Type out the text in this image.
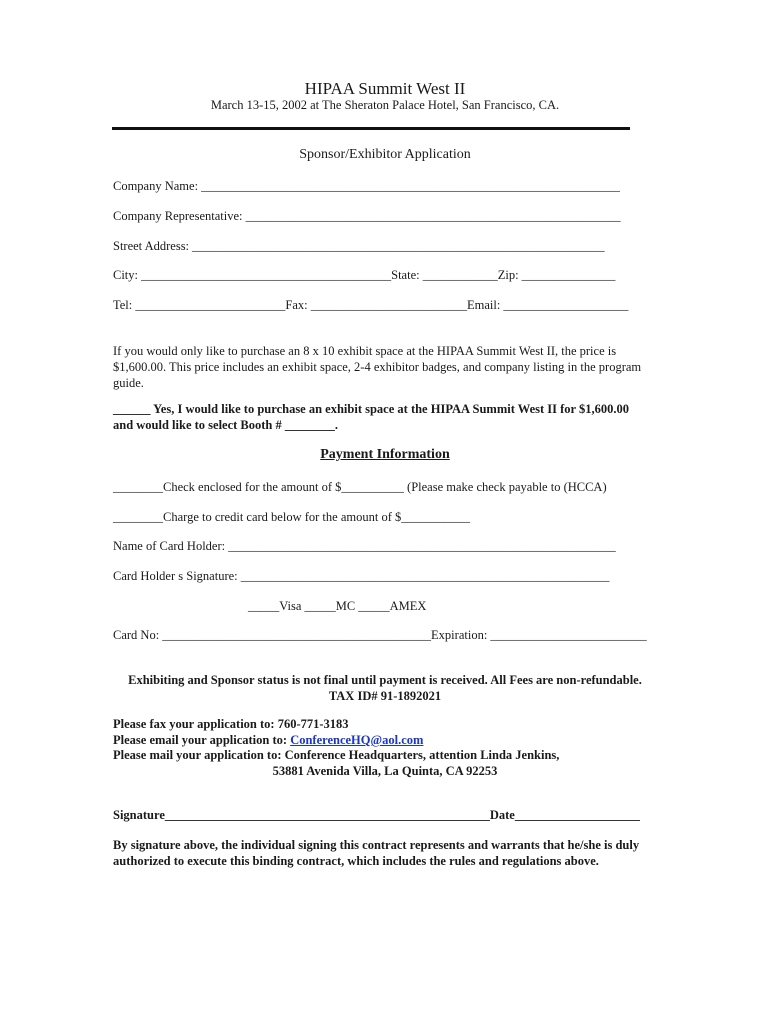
HIPAA Summit West II
March 13-15, 2002 at The Sheraton Palace Hotel, San Francisco, CA.
Sponsor/Exhibitor Application
Company Name: ___________________________________________________________________
Company Representative: ____________________________________________________________
Street Address: __________________________________________________________________
City: ________________________________________State: ____________Zip: _______________
Tel: ________________________Fax: _________________________Email: ____________________
If you would only like to purchase an 8 x 10 exhibit space at the HIPAA Summit West II, the price is $1,600.00. This price includes an exhibit space, 2-4 exhibitor badges, and company listing in the program guide.
______ Yes, I would like to purchase an exhibit space at the HIPAA Summit West II for $1,600.00
and would like to select Booth # ________.
Payment Information
________Check enclosed for the amount of $__________ (Please make check payable to (HCCA)
________Charge to credit card below for the amount of $___________
Name of Card Holder: ______________________________________________________________
Card Holder s Signature: ___________________________________________________________
_____Visa _____MC _____AMEX
Card No: ___________________________________________Expiration: _________________________
Exhibiting and Sponsor status is not final until payment is received. All Fees are non-refundable.
TAX ID# 91-1892021
Please fax your application to: 760-771-3183
Please email your application to: ConferenceHQ@aol.com
Please mail your application to: Conference Headquarters, attention Linda Jenkins,
53881 Avenida Villa, La Quinta, CA 92253
Signature____________________________________________________Date____________________
By signature above, the individual signing this contract represents and warrants that he/she is duly authorized to execute this binding contract, which includes the rules and regulations above.
